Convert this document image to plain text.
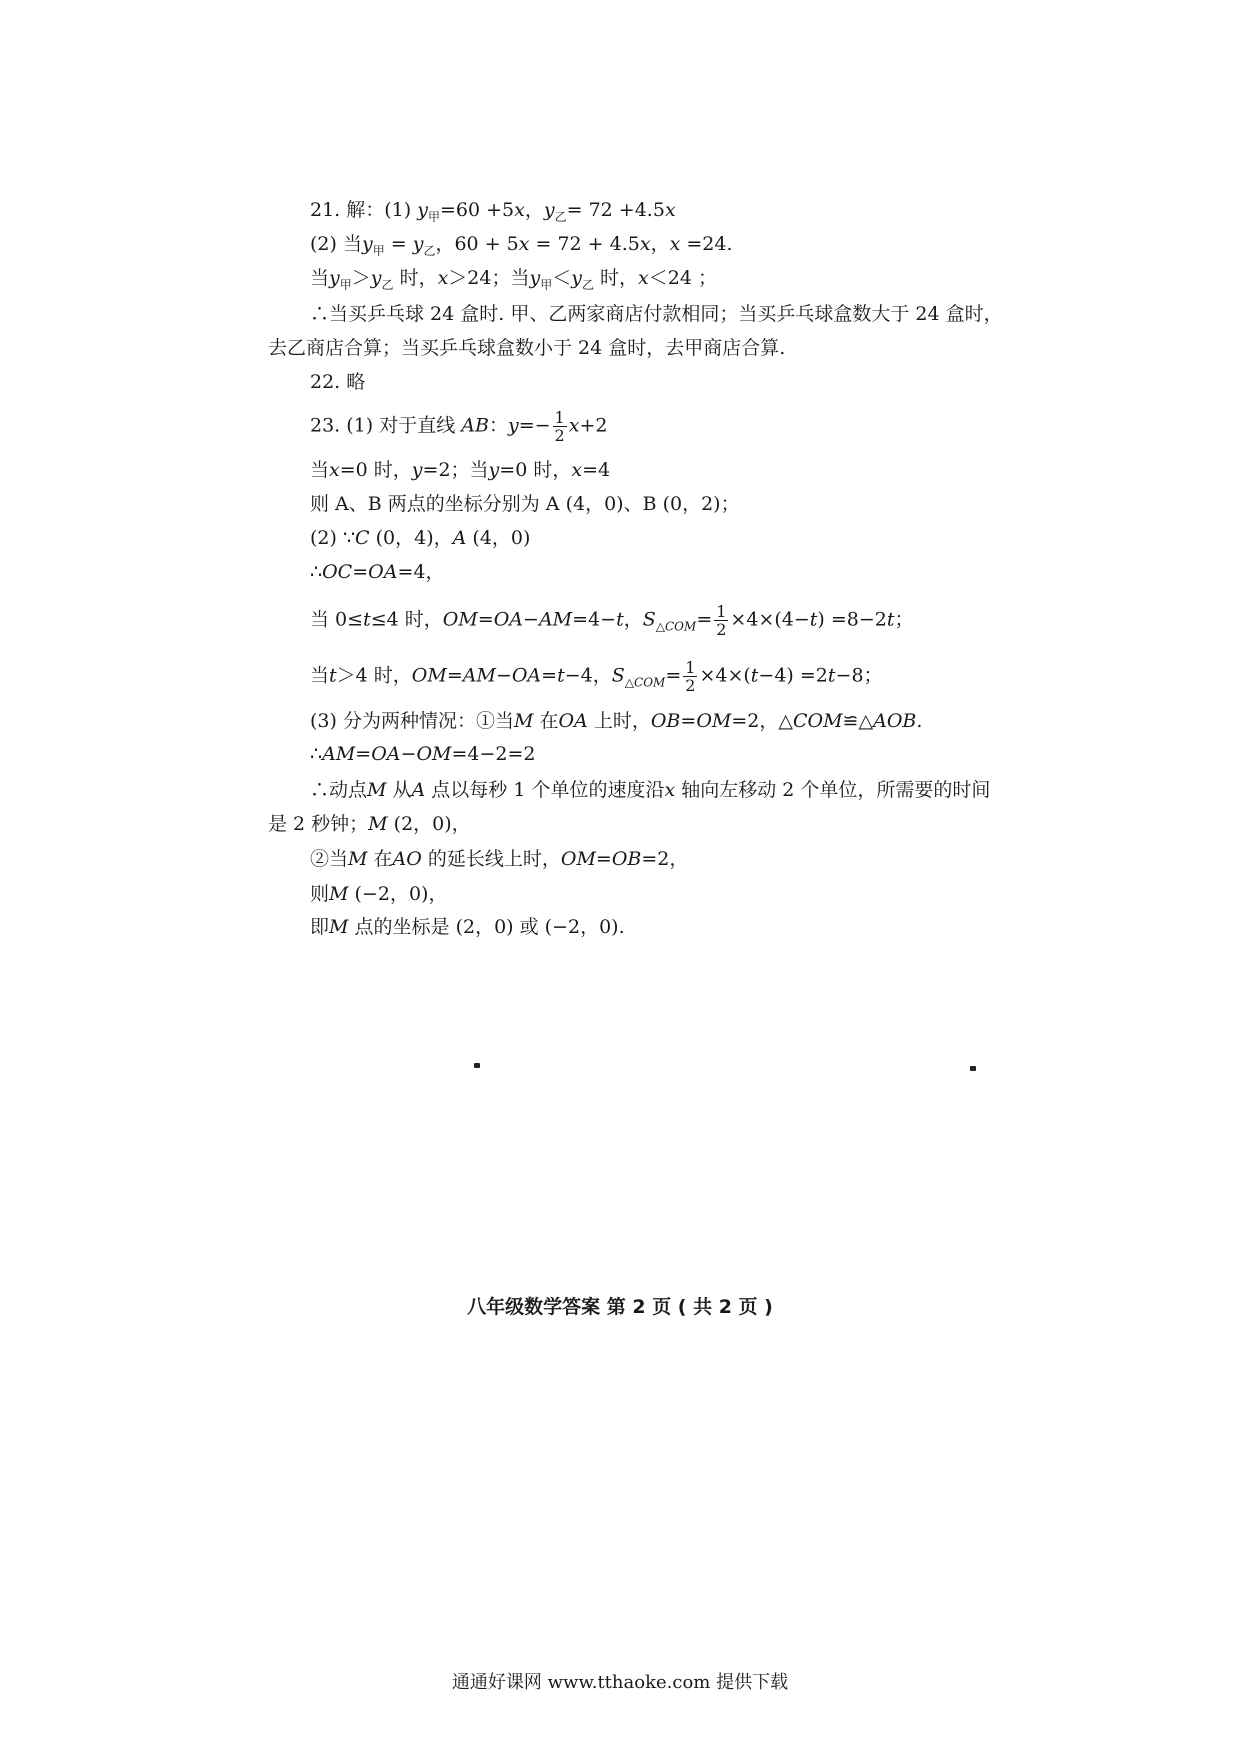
21. 解：(1) $y_甲=60 +5x$，$y_乙= 72 +4.5x$
(2) 当$y_甲 = y_乙$，60 + 5x = 72 + 4.5x，x =24.
当$y_甲>y_乙$ 时，x＞24；当$y_甲<y_乙$ 时，x＜24 ；
∴当买乒乓球 24 盒时. 甲、乙两家商店付款相同；当买乒乓球盒数大于 24 盒时，
去乙商店合算；当买乒乓球盒数小于 24 盒时，去甲商店合算.
22. 略
23. (1) 对于直线 AB：$y=- \frac{1}{2} x+2$
当x=0 时，y=2；当y=0 时，x=4
则 A、B 两点的坐标分别为 A (4，0)、B (0，2)；
(2) ∵C (0，4)，A (4，0)
∴OC=OA=4，
当 0≤t≤4 时，OM=OA−AM=4−t，$S_{\triangle COM}= \frac{1}{2} \times 4\times(4-t) =8-2t$；
当t＞4 时，OM=AM−OA=t−4，$S_{\triangle COM}= \frac{1}{2} \times 4\times(t-4) =2t-8$；
(3) 分为两种情况：①当M 在OA 上时，OB=OM=2，△COM≌△AOB.
∴AM=OA−OM=4−2=2
∴动点M 从A 点以每秒 1 个单位的速度沿x 轴向左移动 2 个单位，所需要的时间
是 2 秒钟；M (2，0)，
②当M 在AO 的延长线上时，OM=OB=2，
则M (−2，0)，
即M 点的坐标是 (2，0) 或 (−2，0).
八年级数学答案 第 2 页 ( 共 2 页 )
通通好课网 www.tthaoke.com 提供下载
